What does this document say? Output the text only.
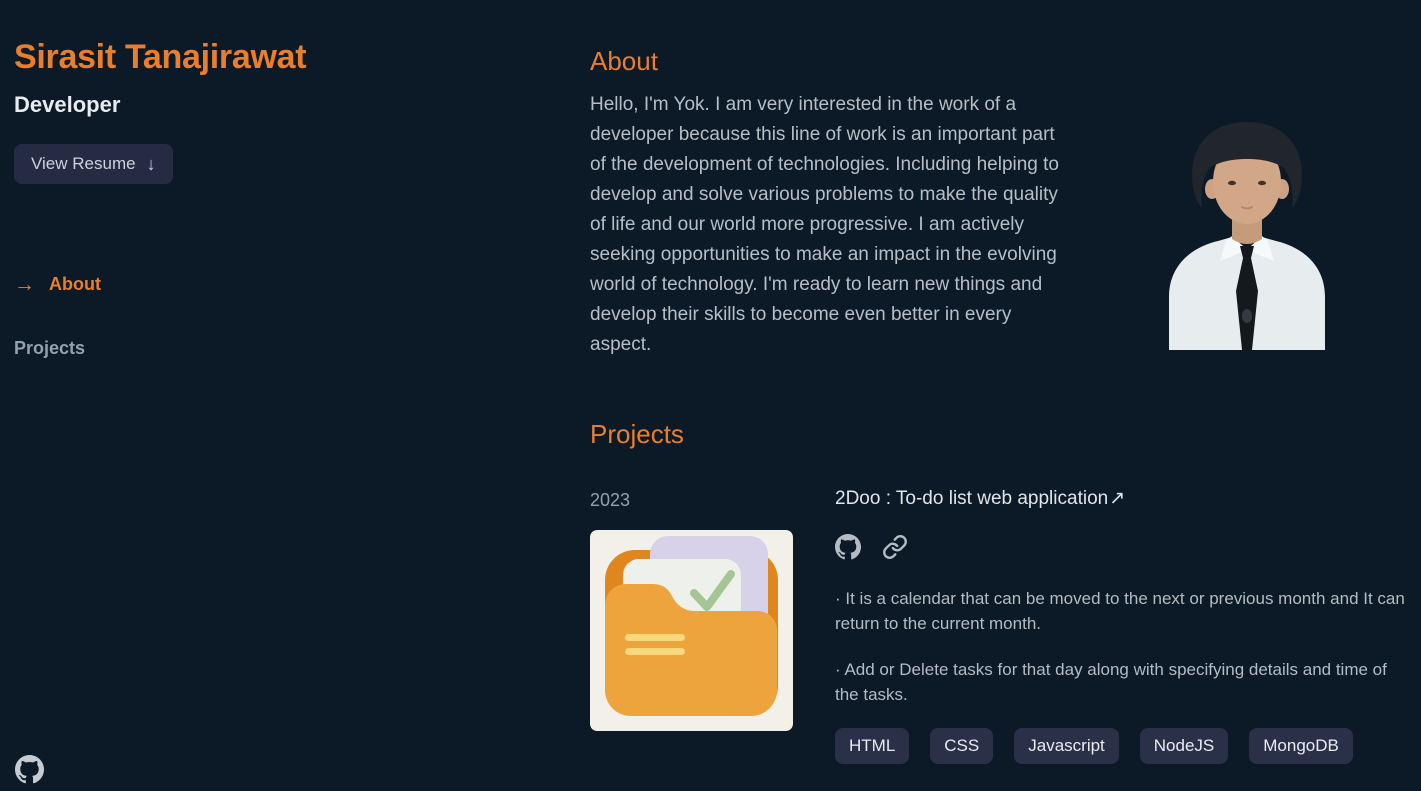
Sirasit Tanajirawat
Developer
View Resume ↓
→ About
Projects
About

Hello, I'm Yok. I am very interested in the work of a developer because this line of work is an important part of the development of technologies. Including helping to develop and solve various problems to make the quality of life and our world more progressive. I am actively seeking opportunities to make an impact in the evolving world of technology. I'm ready to learn new things and develop their skills to become even better in every aspect.

Projects
2023	2Doo : To-do list web application↗

· It is a calendar that can be moved to the next or previous month and It can return to the current month.

· Add or Delete tasks for that day along with specifying details and time of the tasks.

HTML	CSS	Javascript	NodeJS	MongoDB
